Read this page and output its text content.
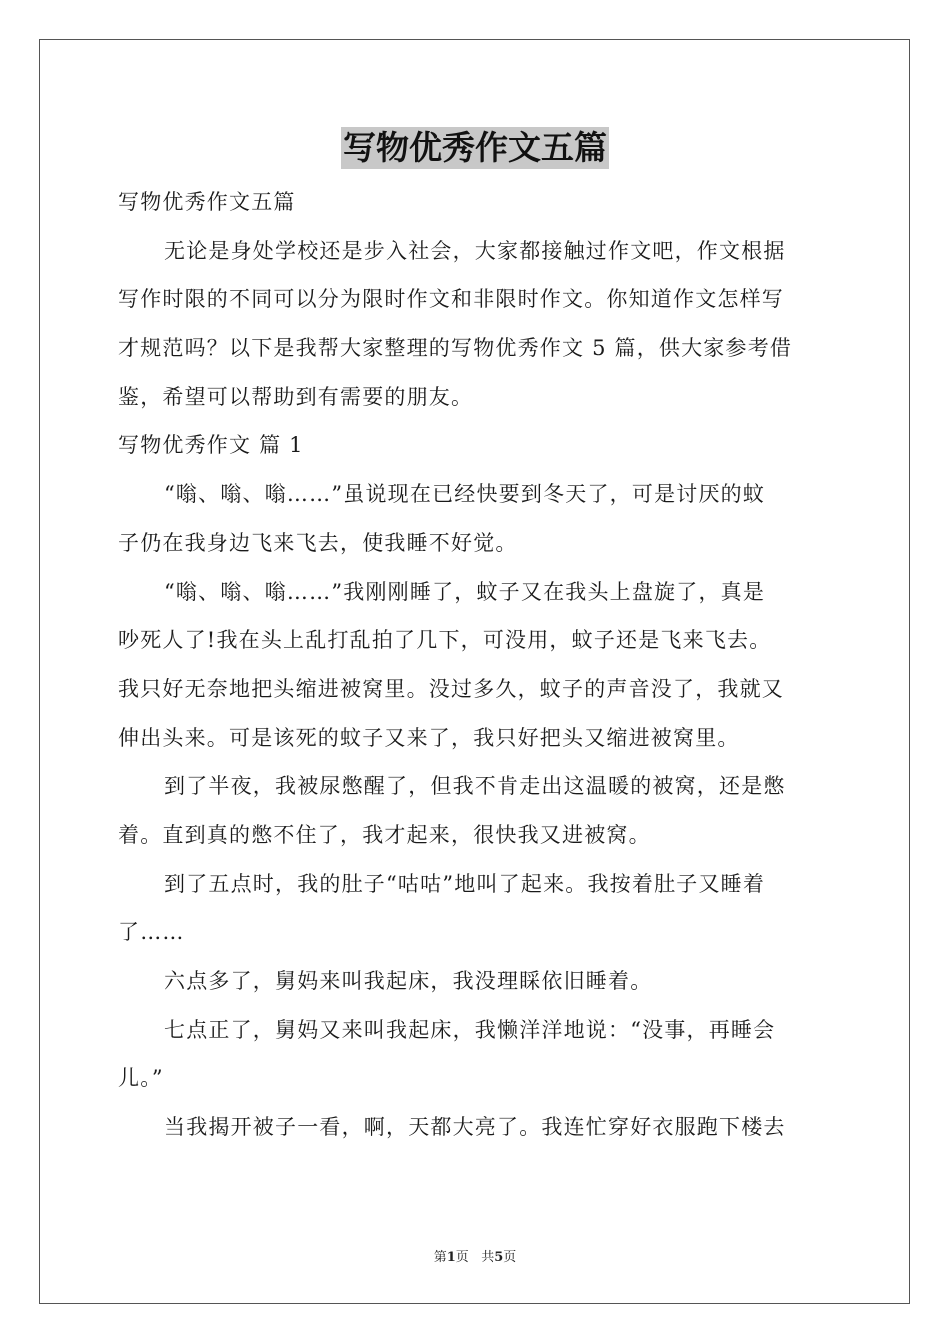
写物优秀作文五篇
写物优秀作文五篇
无论是身处学校还是步入社会，大家都接触过作文吧，作文根据
写作时限的不同可以分为限时作文和非限时作文。你知道作文怎样写
才规范吗？以下是我帮大家整理的写物优秀作文 5 篇，供大家参考借
鉴，希望可以帮助到有需要的朋友。
写物优秀作文 篇 1
“嗡、嗡、嗡……”虽说现在已经快要到冬天了，可是讨厌的蚊
子仍在我身边飞来飞去，使我睡不好觉。
“嗡、嗡、嗡……”我刚刚睡了，蚊子又在我头上盘旋了，真是
吵死人了!我在头上乱打乱拍了几下，可没用，蚊子还是飞来飞去。
我只好无奈地把头缩进被窝里。没过多久，蚊子的声音没了，我就又
伸出头来。可是该死的蚊子又来了，我只好把头又缩进被窝里。
到了半夜，我被尿憋醒了，但我不肯走出这温暖的被窝，还是憋
着。直到真的憋不住了，我才起来，很快我又进被窝。
到了五点时，我的肚子“咕咕”地叫了起来。我按着肚子又睡着
了……
六点多了，舅妈来叫我起床，我没理睬依旧睡着。
七点正了，舅妈又来叫我起床，我懒洋洋地说：“没事，再睡会
儿。”
当我揭开被子一看，啊，天都大亮了。我连忙穿好衣服跑下楼去
第1页 共5页
